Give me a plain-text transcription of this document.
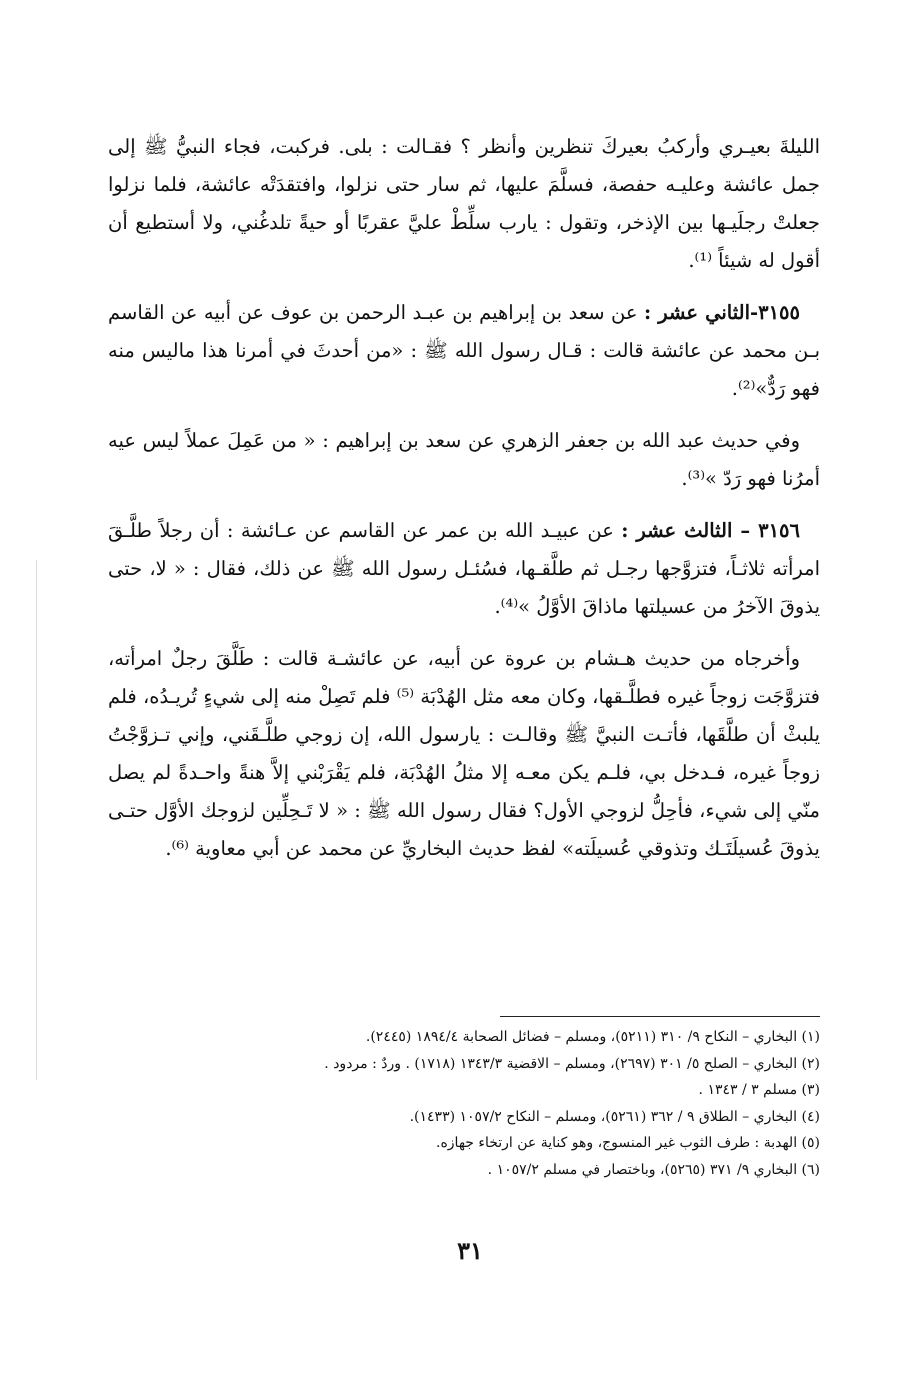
الليلةَ بعيـري وأركبُ بعيركَ تنظرين وأنظر ؟ فقـالت : بلى. فركبت، فجاء النبيُّ ﷺ إلى جمل عائشة وعليـه حفصة، فسلَّمَ عليها، ثم سار حتى نزلوا، وافتقدَتْه عائشة، فلما نزلوا جعلتْ رجلَيـها بين الإذخر، وتقول : يارب سلِّطْ عليَّ عقربًا أو حيةً تلدغُني، ولا أستطيع أن أقول له شيئاً ⁽¹⁾.

٣١٥٥-الثاني عشر : عن سعد بن إبراهيم بن عبـد الرحمن بن عوف عن أبيه عن القاسم بـن محمد عن عائشة قالت : قـال رسول الله ﷺ : «من أحدثَ في أمرنا هذا ماليس منه فهو رَدٌّ»⁽²⁾.

وفي حديث عبد الله بن جعفر الزهري عن سعد بن إبراهيم : « من عَمِلَ عملاً ليس عيه أمرُنا فهو رَدّ »⁽³⁾.

٣١٥٦ – الثالث عشر : عن عبيـد الله بن عمر عن القاسم عن عـائشة : أن رجلاً طلَّـقَ امرأته ثلاثـاً، فتزوَّجها رجـل ثم طلَّقـها، فسُئـل رسول الله ﷺ عن ذلك، فقال : « لا، حتى يذوقَ الآخرُ من عسيلتها ماذاقَ الأوَّلُ »⁽⁴⁾.

وأخرجاه من حديث هـشام بن عروة عن أبيه، عن عائشـة قالت : طَلَّقَ رجلٌ امرأته، فتزوَّجَت زوجاً غيره فطلَّـقها، وكان معه مثل الهُدْبَة ⁽⁵⁾ فلم تَصِلْ منه إلى شيءٍ تُريـدُه، فلم يلبثْ أن طلَّقَها، فأتـت النبيَّ ﷺ وقالـت : يارسول الله، إن زوجي طلَّـقَني، وإني تـزوَّجْتُ زوجاً غيره، فـدخل بي، فلـم يكن معـه إلا مثلُ الهُدْبَة، فلم يَقْرَبْني إلاَّ هنةً واحـدةً لم يصل منّي إلى شيء، فأحِلُّ لزوجي الأول؟ فقال رسول الله ﷺ : « لا تَـحِلِّين لزوجك الأوَّل حتـى يذوقَ عُسيلَتَـك وتذوقي عُسيلَته» لفظ حديث البخاريِّ عن محمد عن أبي معاوية ⁽⁶⁾.

(١) البخاري – النكاح ٩/ ٣١٠ (٥٢١١)، ومسلم – فضائل الصحابة ١٨٩٤/٤ (٢٤٤٥).

(٢) البخاري – الصلح ٥/ ٣٠١ (٢٦٩٧)، ومسلم – الاقضية ١٣٤٣/٣ (١٧١٨) . وردٌ : مردود .

(٣) مسلم ٣ / ١٣٤٣ .

(٤) البخاري – الطلاق ٩ / ٣٦٢ (٥٢٦١)، ومسلم – النكاح ١٠٥٧/٢ (١٤٣٣).

(٥) الهدبة : طرف الثوب غير المنسوج، وهو كناية عن ارتخاء جهازه.

(٦) البخاري ٩/ ٣٧١ (٥٢٦٥)، وباختصار في مسلم ١٠٥٧/٢ .

٣١
